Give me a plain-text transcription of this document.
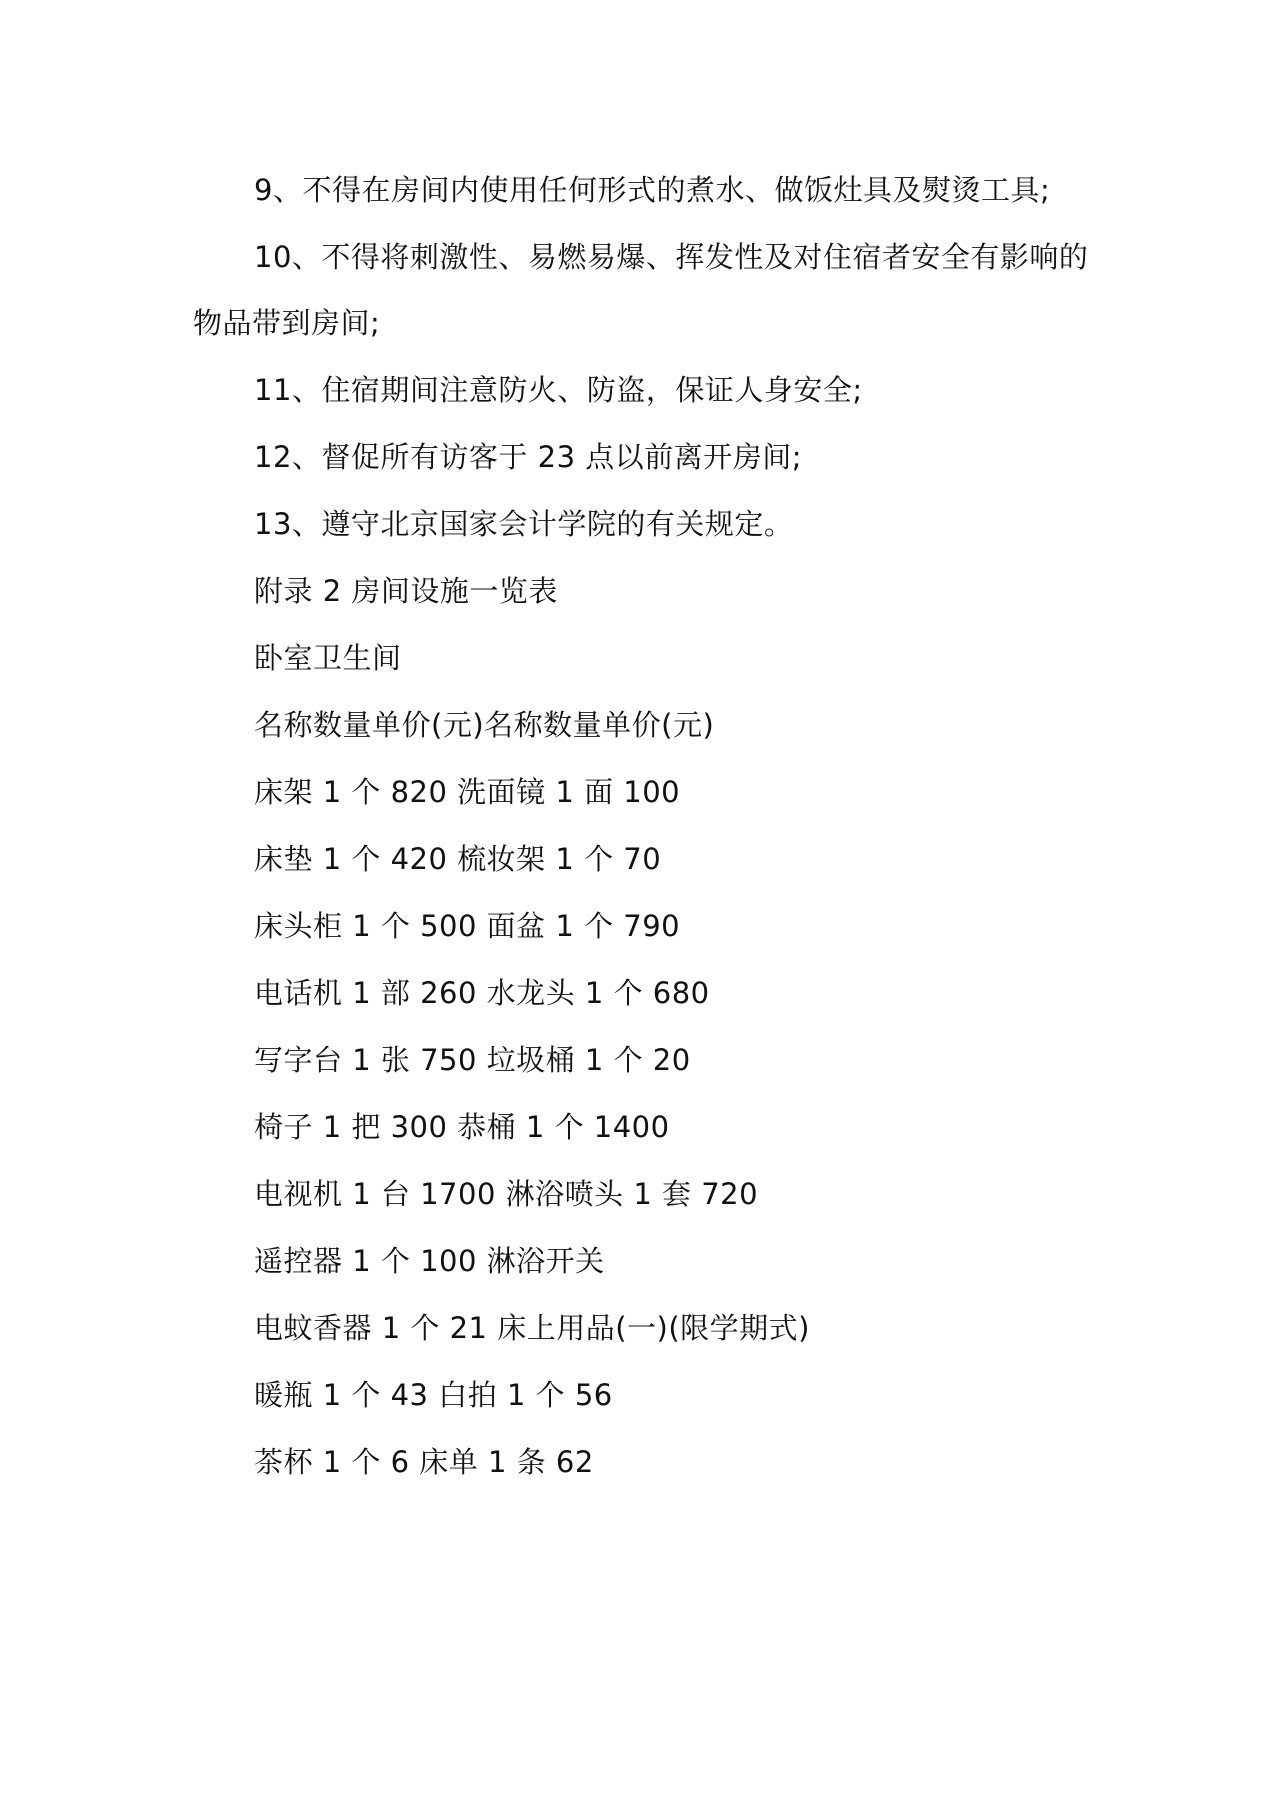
9、不得在房间内使用任何形式的煮水、做饭灶具及熨烫工具;
10、不得将刺激性、易燃易爆、挥发性及对住宿者安全有影响的
物品带到房间;
11、住宿期间注意防火、防盗，保证人身安全;
12、督促所有访客于 23 点以前离开房间;
13、遵守北京国家会计学院的有关规定。
附录 2 房间设施一览表
卧室卫生间
名称数量单价(元)名称数量单价(元)
床架 1 个 820 洗面镜 1 面 100
床垫 1 个 420 梳妆架 1 个 70
床头柜 1 个 500 面盆 1 个 790
电话机 1 部 260 水龙头 1 个 680
写字台 1 张 750 垃圾桶 1 个 20
椅子 1 把 300 恭桶 1 个 1400
电视机 1 台 1700 淋浴喷头 1 套 720
遥控器 1 个 100 淋浴开关
电蚊香器 1 个 21 床上用品(一)(限学期式)
暖瓶 1 个 43 白拍 1 个 56
茶杯 1 个 6 床单 1 条 62
